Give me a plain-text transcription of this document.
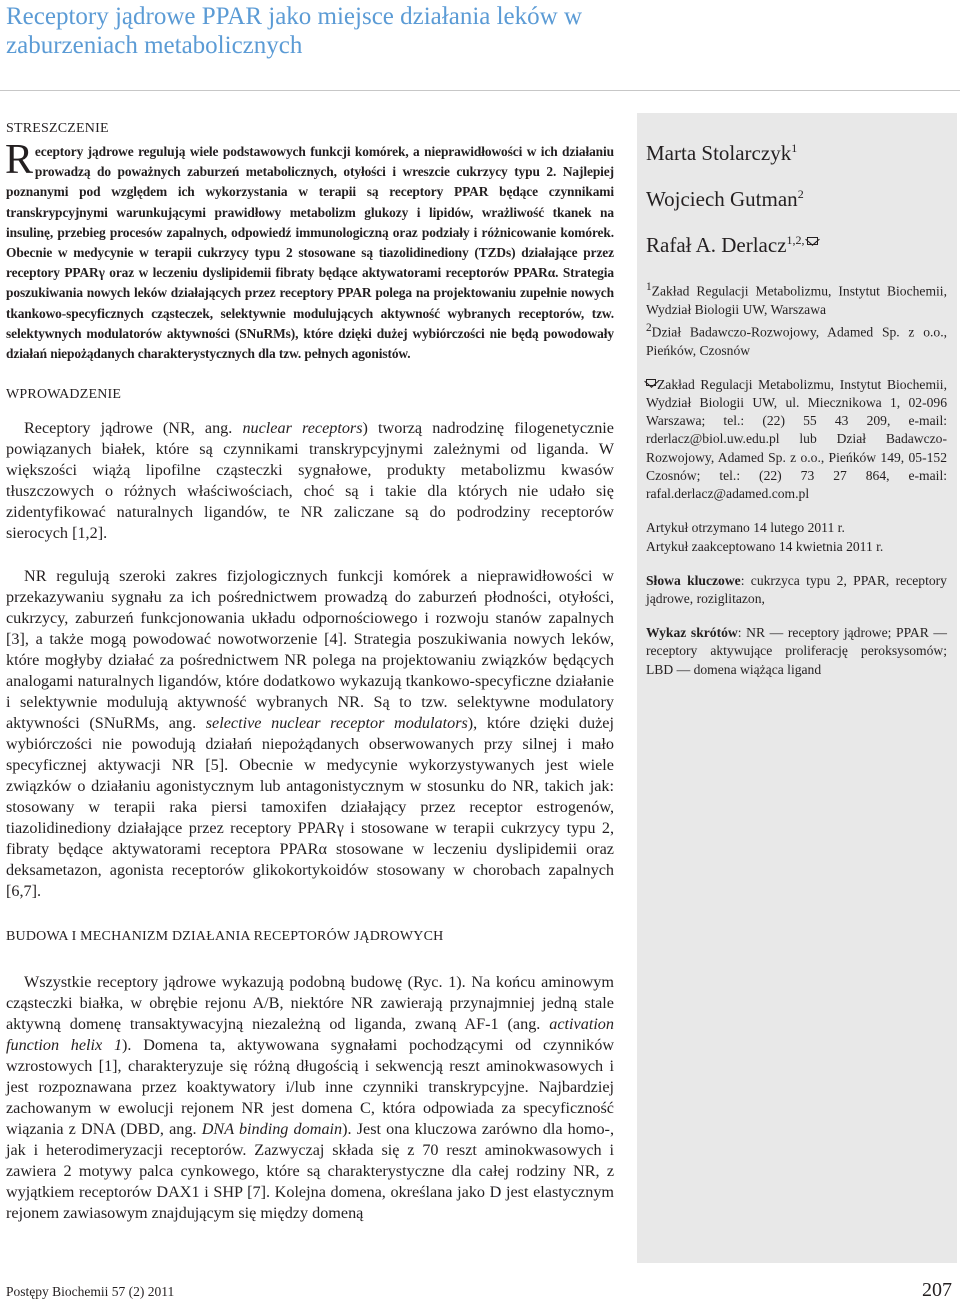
Receptory jądrowe PPAR jako miejsce działania leków w zaburzeniach metabolicznych
STRESZCZENIE

Receptory jądrowe regulują wiele podstawowych funkcji komórek, a nieprawidłowości w ich działaniu prowadzą do poważnych zaburzeń metabolicznych, otyłości i wreszcie cukrzycy typu 2. Najlepiej poznanymi pod względem ich wykorzystania w terapii są receptory PPAR będące czynnikami transkrypcyjnymi warunkującymi prawidłowy metabolizm glukozy i lipidów, wrażliwość tkanek na insulinę, przebieg procesów zapalnych, odpowiedź immunologiczną oraz podziały i różnicowanie komórek. Obecnie w medycynie w terapii cukrzycy typu 2 stosowane są tiazolidinediony (TZDs) działające przez receptory PPARγ oraz w leczeniu dyslipidemii fibraty będące aktywatorami receptorów PPARα. Strategia poszukiwania nowych leków działających przez receptory PPAR polega na projektowaniu zupełnie nowych tkankowo-specyficznych cząsteczek, selektywnie modulujących aktywność wybranych receptorów, tzw. selektywnych modulatorów aktywności (SNuRMs), które dzięki dużej wybiórczości nie będą powodowały działań niepożądanych charakterystycznych dla tzw. pełnych agonistów.

WPROWADZENIE

Receptory jądrowe (NR, ang. nuclear receptors) tworzą nadrodzinę filogenetycznie powiązanych białek, które są czynnikami transkrypcyjnymi zależnymi od liganda. W większości wiążą lipofilne cząsteczki sygnałowe, produkty metabolizmu kwasów tłuszczowych o różnych właściwościach, choć są i takie dla których nie udało się zidentyfikować naturalnych ligandów, te NR zaliczane są do podrodziny receptorów sierocych [1,2].

NR regulują szeroki zakres fizjologicznych funkcji komórek a nieprawidłowości w przekazywaniu sygnału za ich pośrednictwem prowadzą do zaburzeń płodności, otyłości, cukrzycy, zaburzeń funkcjonowania układu odpornościowego i rozwoju stanów zapalnych [3], a także mogą powodować nowotworzenie [4]. Strategia poszukiwania nowych leków, które mogłyby działać za pośrednictwem NR polega na projektowaniu związków będących analogami naturalnych ligandów, które dodatkowo wykazują tkankowo-specyficzne działanie i selektywnie modulują aktywność wybranych NR. Są to tzw. selektywne modulatory aktywności (SNuRMs, ang. selective nuclear receptor modulators), które dzięki dużej wybiórczości nie powodują działań niepożądanych obserwowanych przy silnej i mało specyficznej aktywacji NR [5]. Obecnie w medycynie wykorzystywanych jest wiele związków o działaniu agonistycznym lub antagonistycznym w stosunku do NR, takich jak: stosowany w terapii raka piersi tamoxifen działający przez receptor estrogenów, tiazolidinediony działające przez receptory PPARγ i stosowane w terapii cukrzycy typu 2, fibraty będące aktywatorami receptora PPARα stosowane w leczeniu dyslipidemii oraz deksametazon, agonista receptorów glikokortykoidów stosowany w chorobach zapalnych [6,7].

BUDOWA I MECHANIZM DZIAŁANIA RECEPTORÓW JĄDROWYCH

Wszystkie receptory jądrowe wykazują podobną budowę (Ryc. 1). Na końcu aminowym cząsteczki białka, w obrębie rejonu A/B, niektóre NR zawierają przynajmniej jedną stale aktywną domenę transaktywacyjną niezależną od liganda, zwaną AF-1 (ang. activation function helix 1). Domena ta, aktywowana sygnałami pochodzącymi od czynników wzrostowych [1], charakteryzuje się różną długością i sekwencją reszt aminokwasowych i jest rozpoznawana przez koaktywatory i/lub inne czynniki transkrypcyjne. Najbardziej zachowanym w ewolucji rejonem NR jest domena C, która odpowiada za specyficzność wiązania z DNA (DBD, ang. DNA binding domain). Jest ona kluczowa zarówno dla homo-, jak i heterodimeryzacji receptorów. Zazwyczaj składa się z 70 reszt aminokwasowych i zawiera 2 motywy palca cynkowego, które są charakterystyczne dla całej rodziny NR, z wyjątkiem receptorów DAX1 i SHP [7]. Kolejna domena, określana jako D jest elastycznym rejonem zawiasowym znajdującym się między domeną

Marta Stolarczyk$^1$
Wojciech Gutman$^2$
Rafał A. Derlacz$^{1,2,}$

$^1$Zakład Regulacji Metabolizmu, Instytut Biochemii, Wydział Biologii UW, Warszawa

$^2$Dział Badawczo-Rozwojowy, Adamed Sp. z o.o., Pieńków, Czosnów

Zakład Regulacji Metabolizmu, Instytut Biochemii, Wydział Biologii UW, ul. Miecznikowa 1, 02-096 Warszawa; tel.: (22) 55 43 209, e-mail: rderlacz@biol.uw.edu.pl lub Dział Badawczo-Rozwojowy, Adamed Sp. z o.o., Pieńków 149, 05-152 Czosnów; tel.: (22) 73 27 864, e-mail: rafal.derlacz@adamed.com.pl

Artykuł otrzymano 14 lutego 2011 r.

Artykuł zaakceptowano 14 kwietnia 2011 r.

Słowa kluczowe: cukrzyca typu 2, PPAR, receptory jądrowe, roziglitazon,

Wykaz skrótów: NR — receptory jądrowe; PPAR — receptory aktywujące proliferację peroksysomów; LBD — domena wiążąca ligand

Postępy Biochemii 57 (2) 2011	207
